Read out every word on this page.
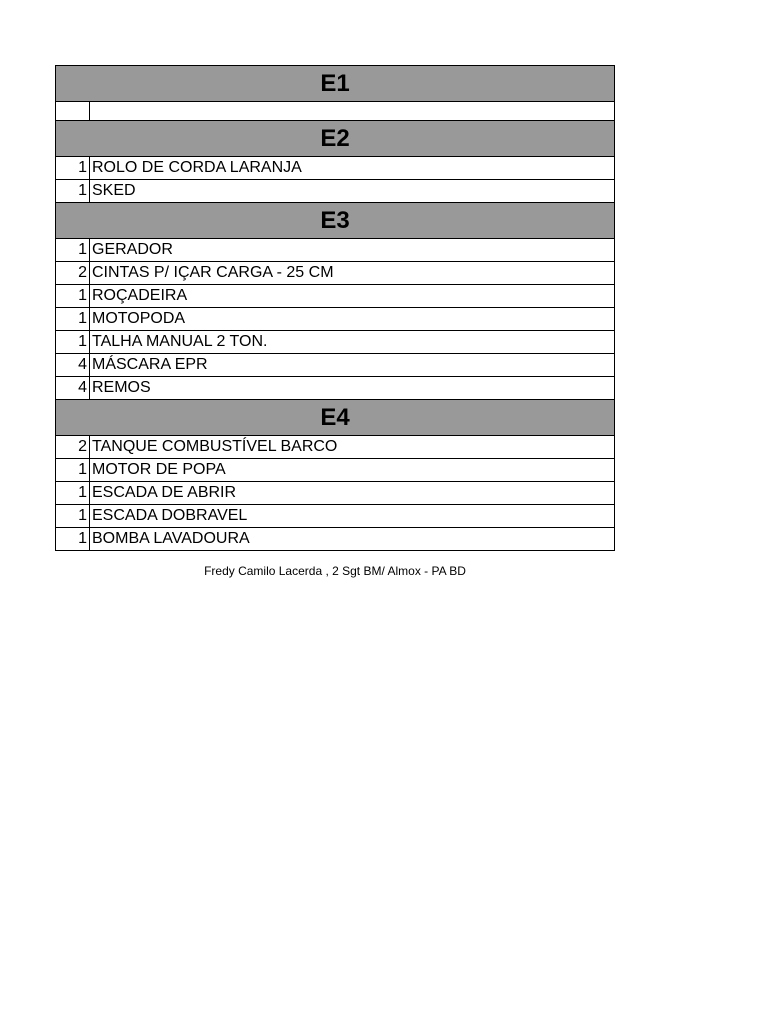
E1	

E2	
1	ROLO DE CORDA LARANJA
1	SKED
E3	
1	GERADOR
2	CINTAS P/ IÇAR CARGA - 25 CM
1	ROÇADEIRA
1	MOTOPODA
1	TALHA MANUAL 2 TON.
4	MÁSCARA EPR
4	REMOS
E4	
2	TANQUE COMBUSTÍVEL BARCO
1	MOTOR DE POPA
1	ESCADA DE ABRIR
1	ESCADA DOBRAVEL
1	BOMBA LAVADOURA
Fredy Camilo Lacerda , 2 Sgt BM/ Almox - PA BD
